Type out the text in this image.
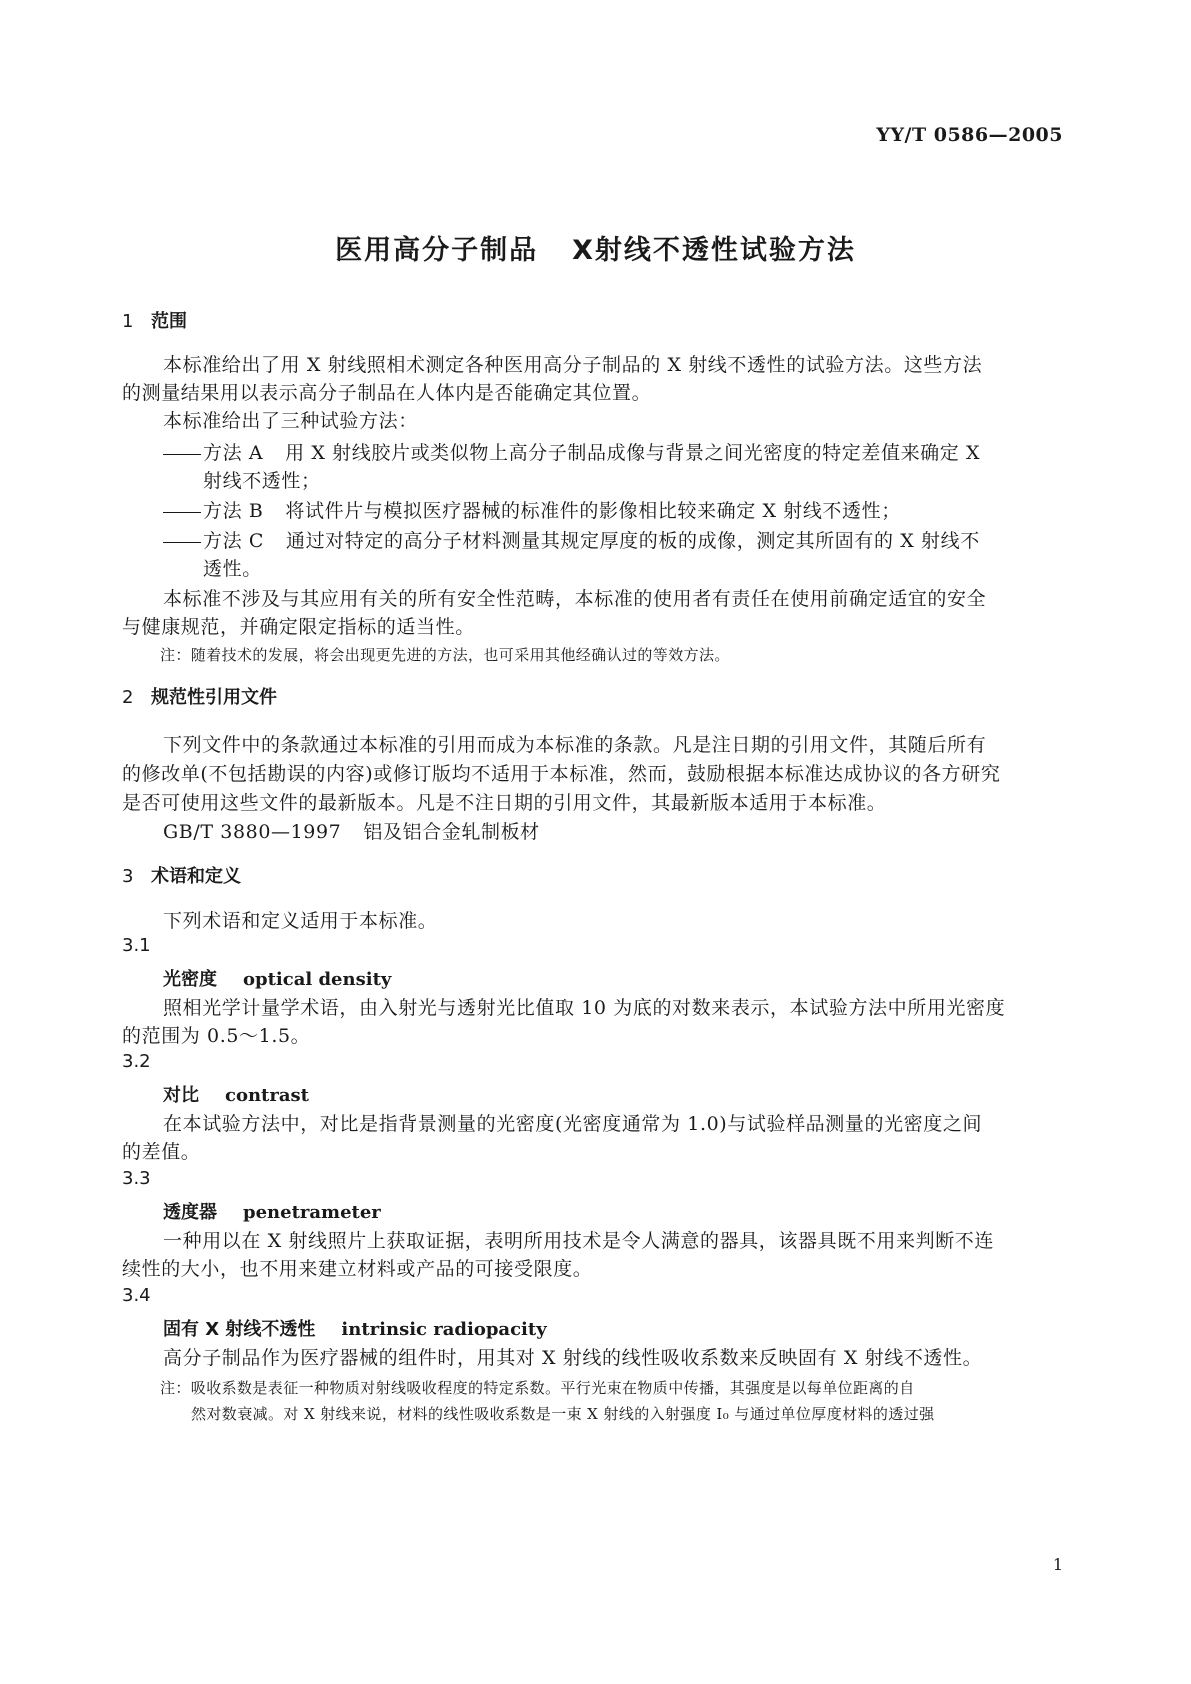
YY/T 0586—2005
医用高分子制品 X射线不透性试验方法
1 范围
本标准给出了用 X 射线照相术测定各种医用高分子制品的 X 射线不透性的试验方法。这些方法
的测量结果用以表示高分子制品在人体内是否能确定其位置。
本标准给出了三种试验方法：
方法 A 用 X 射线胶片或类似物上高分子制品成像与背景之间光密度的特定差值来确定 X
射线不透性；
方法 B 将试件片与模拟医疗器械的标准件的影像相比较来确定 X 射线不透性；
方法 C 通过对特定的高分子材料测量其规定厚度的板的成像，测定其所固有的 X 射线不
透性。
本标准不涉及与其应用有关的所有安全性范畴，本标准的使用者有责任在使用前确定适宜的安全
与健康规范，并确定限定指标的适当性。
注：随着技术的发展，将会出现更先进的方法，也可采用其他经确认过的等效方法。
2 规范性引用文件
下列文件中的条款通过本标准的引用而成为本标准的条款。凡是注日期的引用文件，其随后所有
的修改单(不包括勘误的内容)或修订版均不适用于本标准，然而，鼓励根据本标准达成协议的各方研究
是否可使用这些文件的最新版本。凡是不注日期的引用文件，其最新版本适用于本标准。
GB/T 3880—1997 铝及铝合金轧制板材
3 术语和定义
下列术语和定义适用于本标准。
3.1
光密度 optical density
照相光学计量学术语，由入射光与透射光比值取 10 为底的对数来表示，本试验方法中所用光密度
的范围为 0.5～1.5。
3.2
对比 contrast
在本试验方法中，对比是指背景测量的光密度(光密度通常为 1.0)与试验样品测量的光密度之间
的差值。
3.3
透度器 penetrameter
一种用以在 X 射线照片上获取证据，表明所用技术是令人满意的器具，该器具既不用来判断不连
续性的大小，也不用来建立材料或产品的可接受限度。
3.4
固有 X 射线不透性 intrinsic radiopacity
高分子制品作为医疗器械的组件时，用其对 X 射线的线性吸收系数来反映固有 X 射线不透性。
注：吸收系数是表征一种物质对射线吸收程度的特定系数。平行光束在物质中传播，其强度是以每单位距离的自
然对数衰减。对 X 射线来说，材料的线性吸收系数是一束 X 射线的入射强度 I₀ 与通过单位厚度材料的透过强
1
